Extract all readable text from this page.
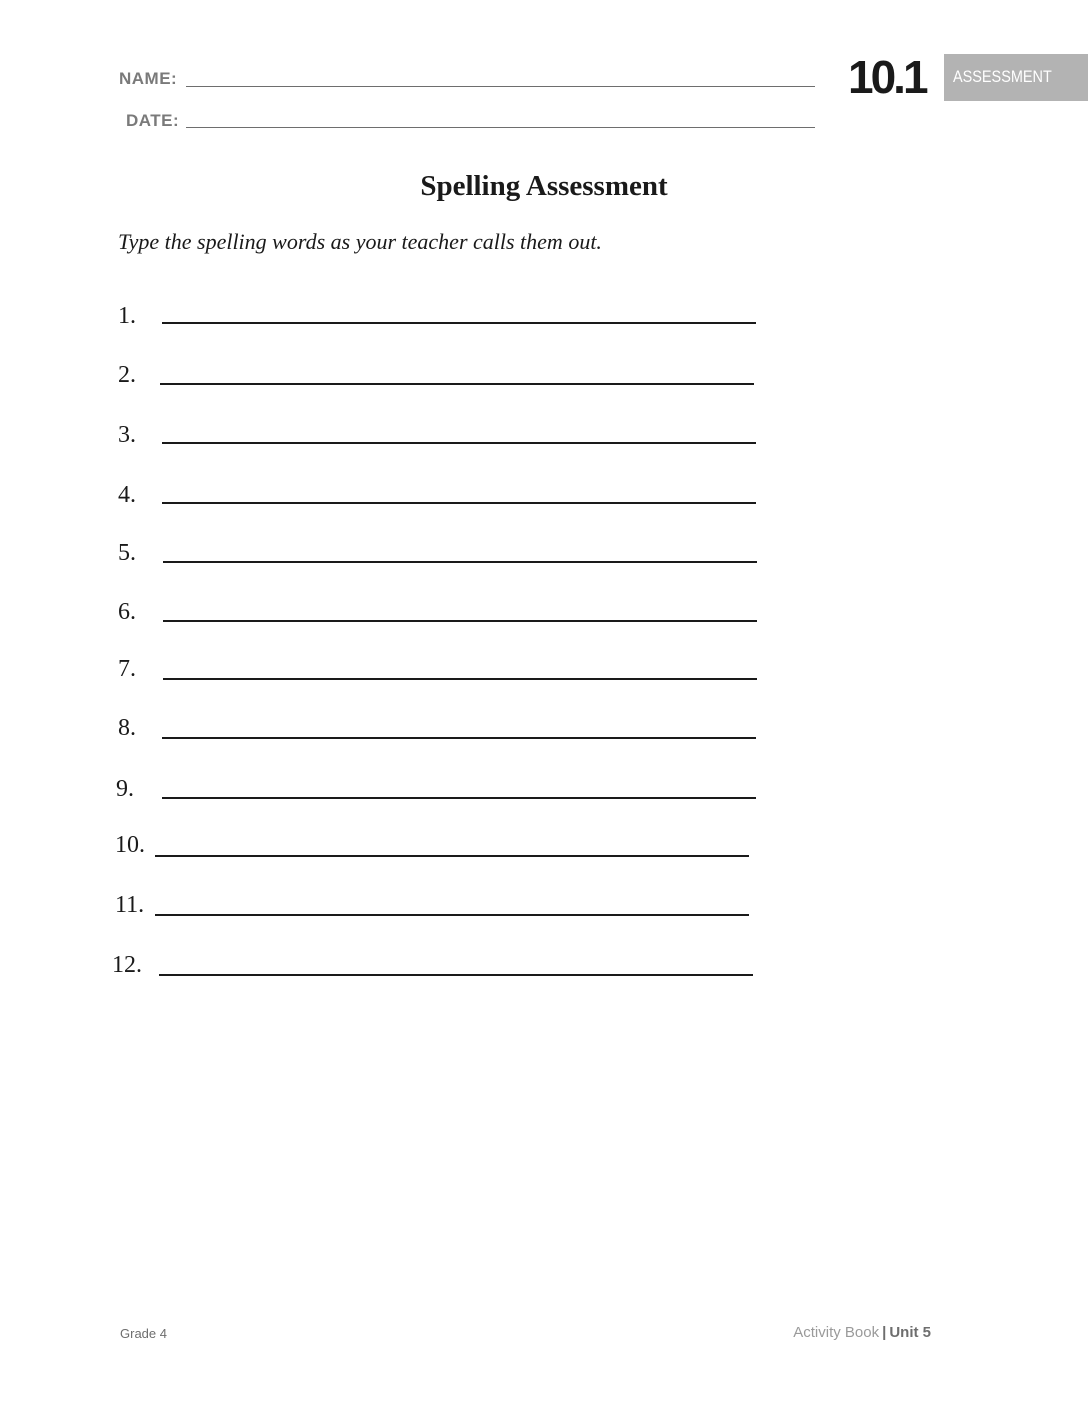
NAME:
DATE:
10.1 ASSESSMENT
Spelling Assessment
Type the spelling words as your teacher calls them out.
1.
2.
3.
4.
5.
6.
7.
8.
9.
10.
11.
12.
Grade 4	Activity Book | Unit 5
